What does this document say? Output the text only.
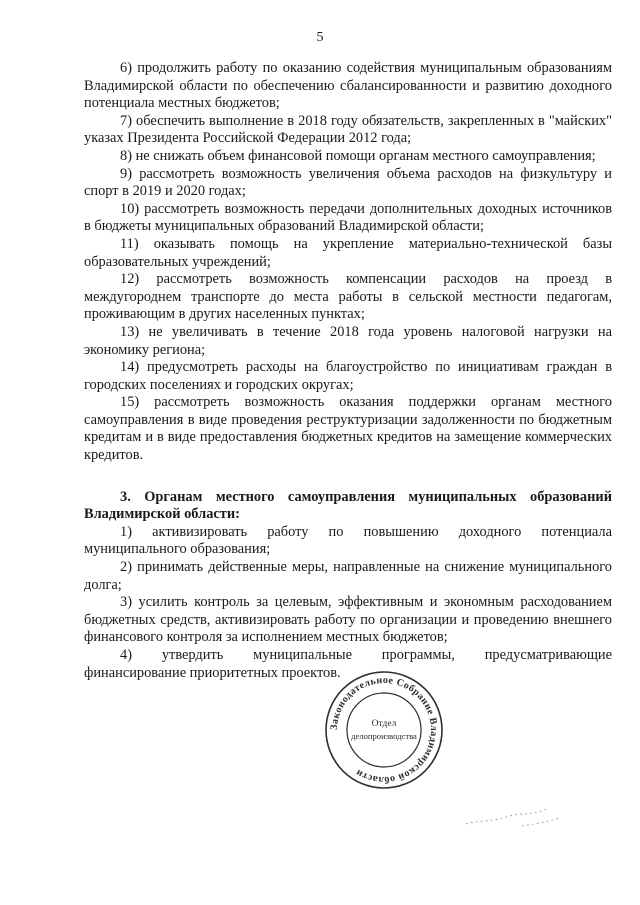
5

6) продолжить работу по оказанию содействия муниципальным образованиям Владимирской области по обеспечению сбалансированности и развитию доходного потенциала местных бюджетов;

7) обеспечить выполнение в 2018 году обязательств, закрепленных в "майских" указах Президента Российской Федерации 2012 года;

8) не снижать объем финансовой помощи органам местного самоуправления;

9) рассмотреть возможность увеличения объема расходов на физкультуру и спорт в 2019 и 2020 годах;

10) рассмотреть возможность передачи дополнительных доходных источников в бюджеты муниципальных образований Владимирской области;

11) оказывать помощь на укрепление материально-технической базы образовательных учреждений;

12) рассмотреть возможность компенсации расходов на проезд в междугороднем транспорте до места работы в сельской местности педагогам, проживающим в других населенных пунктах;

13) не увеличивать в течение 2018 года уровень налоговой нагрузки на экономику региона;

14) предусмотреть расходы на благоустройство по инициативам граждан в городских поселениях и городских округах;

15) рассмотреть возможность оказания поддержки органам местного самоуправления в виде проведения реструктуризации задолженности по бюджетным кредитам и в виде предоставления бюджетных кредитов на замещение коммерческих кредитов.

3. Органам местного самоуправления муниципальных образований Владимирской области:

1) активизировать работу по повышению доходного потенциала муниципального образования;

2) принимать действенные меры, направленные на снижение муниципального долга;

3) усилить контроль за целевым, эффективным и экономным расходованием бюджетных средств, активизировать работу по организации и проведению внешнего финансового контроля за исполнением местных бюджетов;

4) утвердить муниципальные программы, предусматривающие финансирование приоритетных проектов.

Законодательное Собрание Владимирской области
Отдел
делопроизводства
